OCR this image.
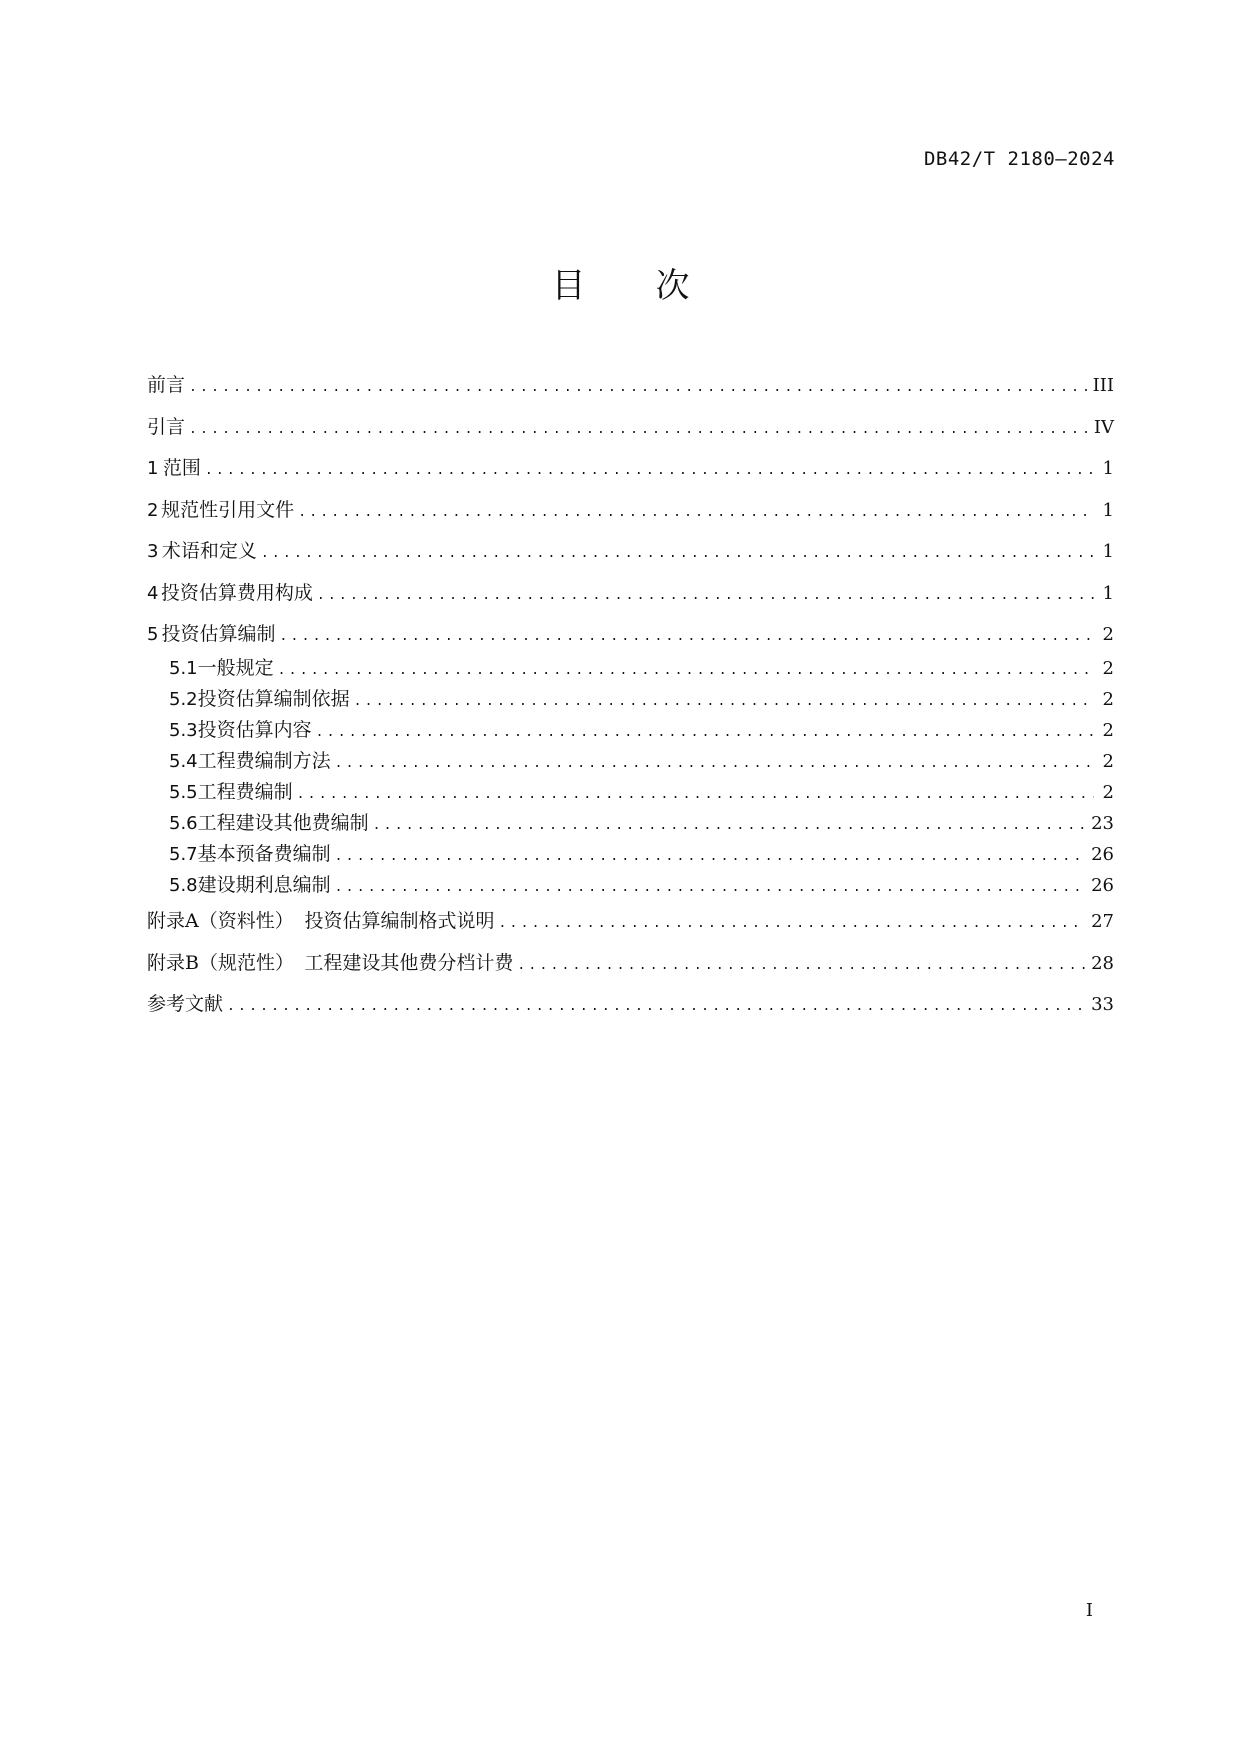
DB42/T 2180—2024
目次
前言 .....	III
引言 .....	IV
1 范围 .....	1
2 规范性引用文件 .....	1
3 术语和定义 .....	1
4 投资估算费用构成 .....	1
5 投资估算编制 .....	2
5.1 一般规定 .....	2
5.2 投资估算编制依据 .....	2
5.3 投资估算内容 .....	2
5.4 工程费编制方法 .....	2
5.5 工程费编制 .....	2
5.6 工程建设其他费编制 .....	23
5.7 基本预备费编制 .....	26
5.8 建设期利息编制 .....	26
附录A（资料性） 投资估算编制格式说明 .....	27
附录B（规范性） 工程建设其他费分档计费 .....	28
参考文献 .....	33
I
